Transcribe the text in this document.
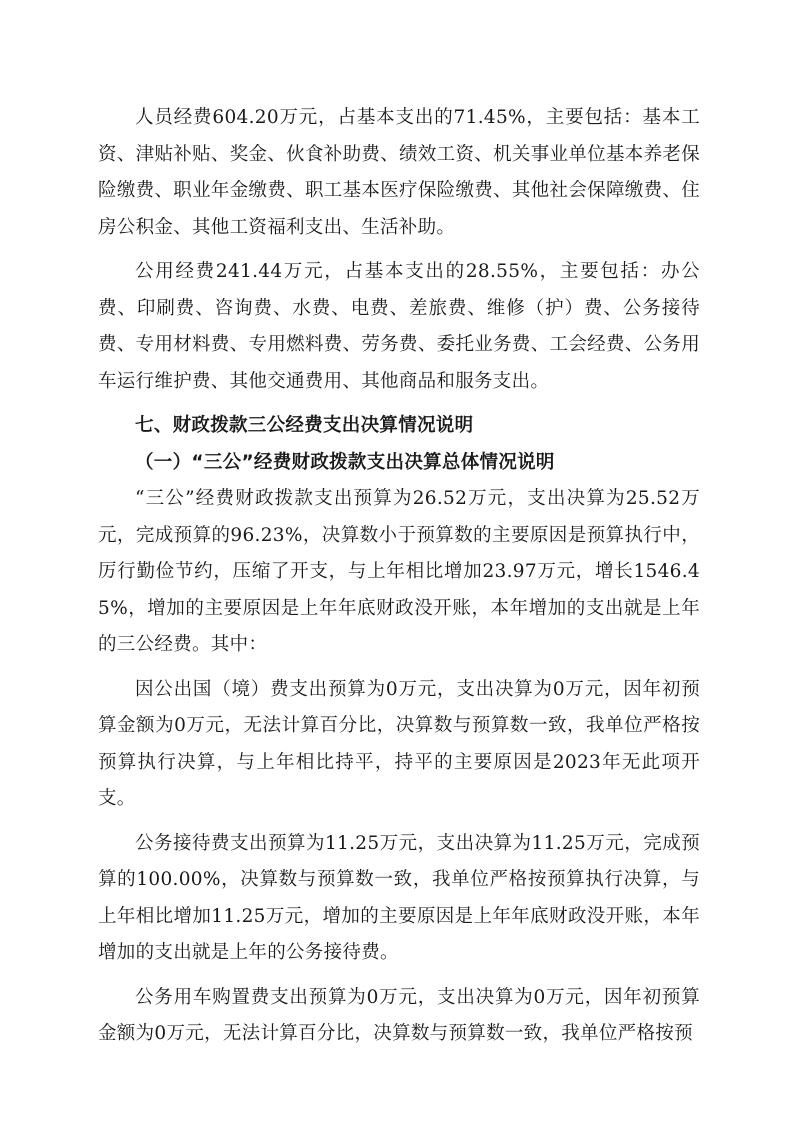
人员经费604.20万元，占基本支出的71.45%，主要包括：基本工资、津贴补贴、奖金、伙食补助费、绩效工资、机关事业单位基本养老保险缴费、职业年金缴费、职工基本医疗保险缴费、其他社会保障缴费、住房公积金、其他工资福利支出、生活补助。

公用经费241.44万元，占基本支出的28.55%，主要包括：办公费、印刷费、咨询费、水费、电费、差旅费、维修（护）费、公务接待费、专用材料费、专用燃料费、劳务费、委托业务费、工会经费、公务用车运行维护费、其他交通费用、其他商品和服务支出。

七、财政拨款三公经费支出决算情况说明
（一）“三公”经费财政拨款支出决算总体情况说明

“三公”经费财政拨款支出预算为26.52万元，支出决算为25.52万元，完成预算的96.23%，决算数小于预算数的主要原因是预算执行中，厉行勤俭节约，压缩了开支，与上年相比增加23.97万元，增长1546.45%，增加的主要原因是上年年底财政没开账，本年增加的支出就是上年的三公经费。其中：

因公出国（境）费支出预算为0万元，支出决算为0万元，因年初预算金额为0万元，无法计算百分比，决算数与预算数一致，我单位严格按预算执行决算，与上年相比持平，持平的主要原因是2023年无此项开支。

公务接待费支出预算为11.25万元，支出决算为11.25万元，完成预算的100.00%，决算数与预算数一致，我单位严格按预算执行决算，与上年相比增加11.25万元，增加的主要原因是上年年底财政没开账，本年增加的支出就是上年的公务接待费。

公务用车购置费支出预算为0万元，支出决算为0万元，因年初预算金额为0万元，无法计算百分比，决算数与预算数一致，我单位严格按预
